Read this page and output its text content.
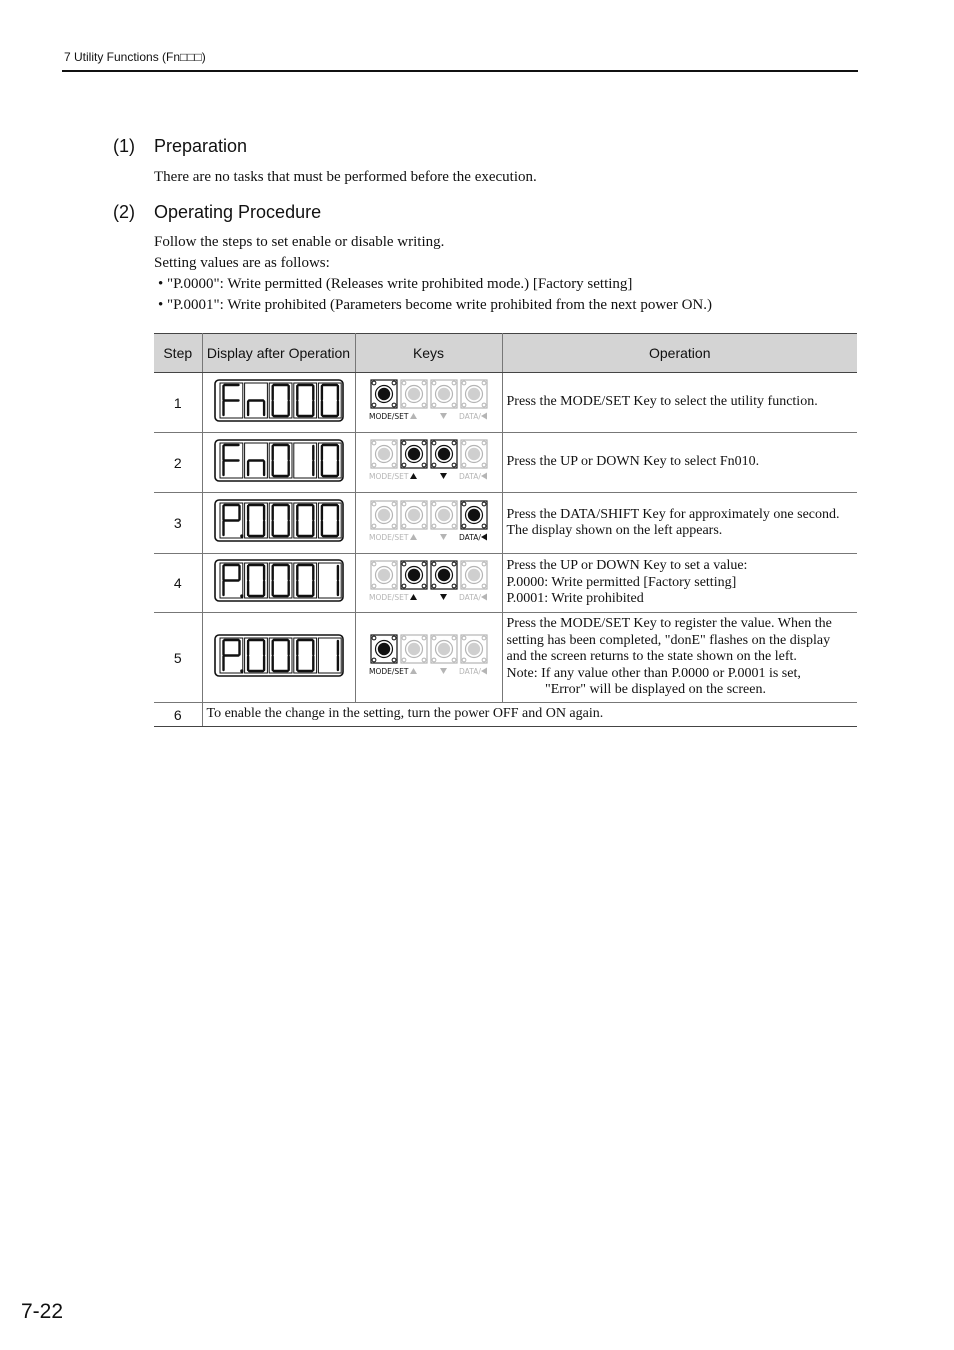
7 Utility Functions (Fn□□□)
(1) Preparation
There are no tasks that must be performed before the execution.
(2) Operating Procedure
Follow the steps to set enable or disable writing.
Setting values are as follows:
• "P.0000": Write permitted (Releases write prohibited mode.) [Factory setting]
• "P.0001": Write prohibited (Parameters become write prohibited from the next power ON.)
Step	Display after Operation	Keys	Operation
1		MODE/SET DATA/	Press the MODE/SET Key to select the utility function.

2		MODE/SET DATA/	Press the UP or DOWN Key to select Fn010.

3		MODE/SET DATA/	Press the DATA/SHIFT Key for approximately one second.
The display shown on the left appears.

4		MODE/SET DATA/	Press the UP or DOWN Key to set a value:
P.0000: Write permitted [Factory setting]
P.0001: Write prohibited

5		MODE/SET DATA/	Press the MODE/SET Key to register the value. When the
setting has been completed, "donE" flashes on the display
and the screen returns to the state shown on the left.
Note: If any value other than P.0000 or P.0001 is set,
"Error" will be displayed on the screen.

6	To enable the change in the setting, turn the power OFF and ON again.		
7-22
